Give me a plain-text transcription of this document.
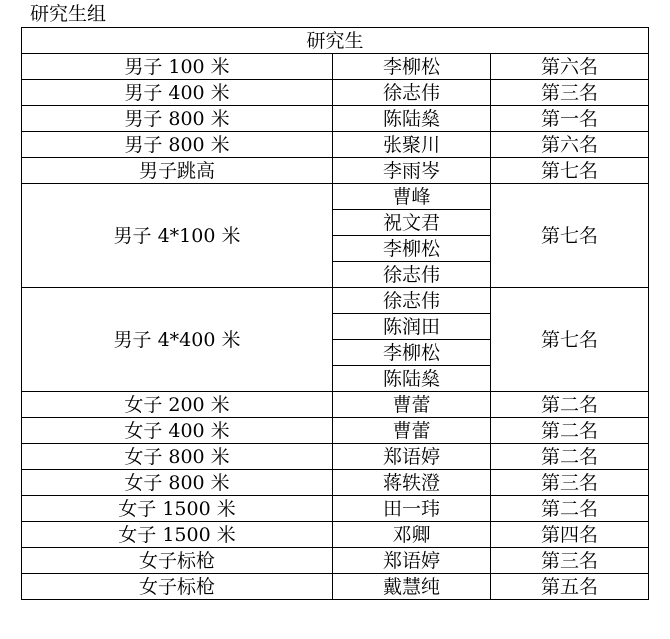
研究生组
研究生		
男子 100 米	李柳松	第六名
男子 400 米	徐志伟	第三名
男子 800 米	陈陆燊	第一名
男子 800 米	张聚川	第六名
男子跳高	李雨岑	第七名
男子 4*100 米	曹峰	第七名
	祝文君	
	李柳松	
	徐志伟	
男子 4*400 米	徐志伟	第七名
	陈润田	
	李柳松	
	陈陆燊	
女子 200 米	曹蕾	第二名
女子 400 米	曹蕾	第二名
女子 800 米	郑语婷	第二名
女子 800 米	蒋轶澄	第三名
女子 1500 米	田一玮	第二名
女子 1500 米	邓卿	第四名
女子标枪	郑语婷	第三名
女子标枪	戴慧纯	第五名
